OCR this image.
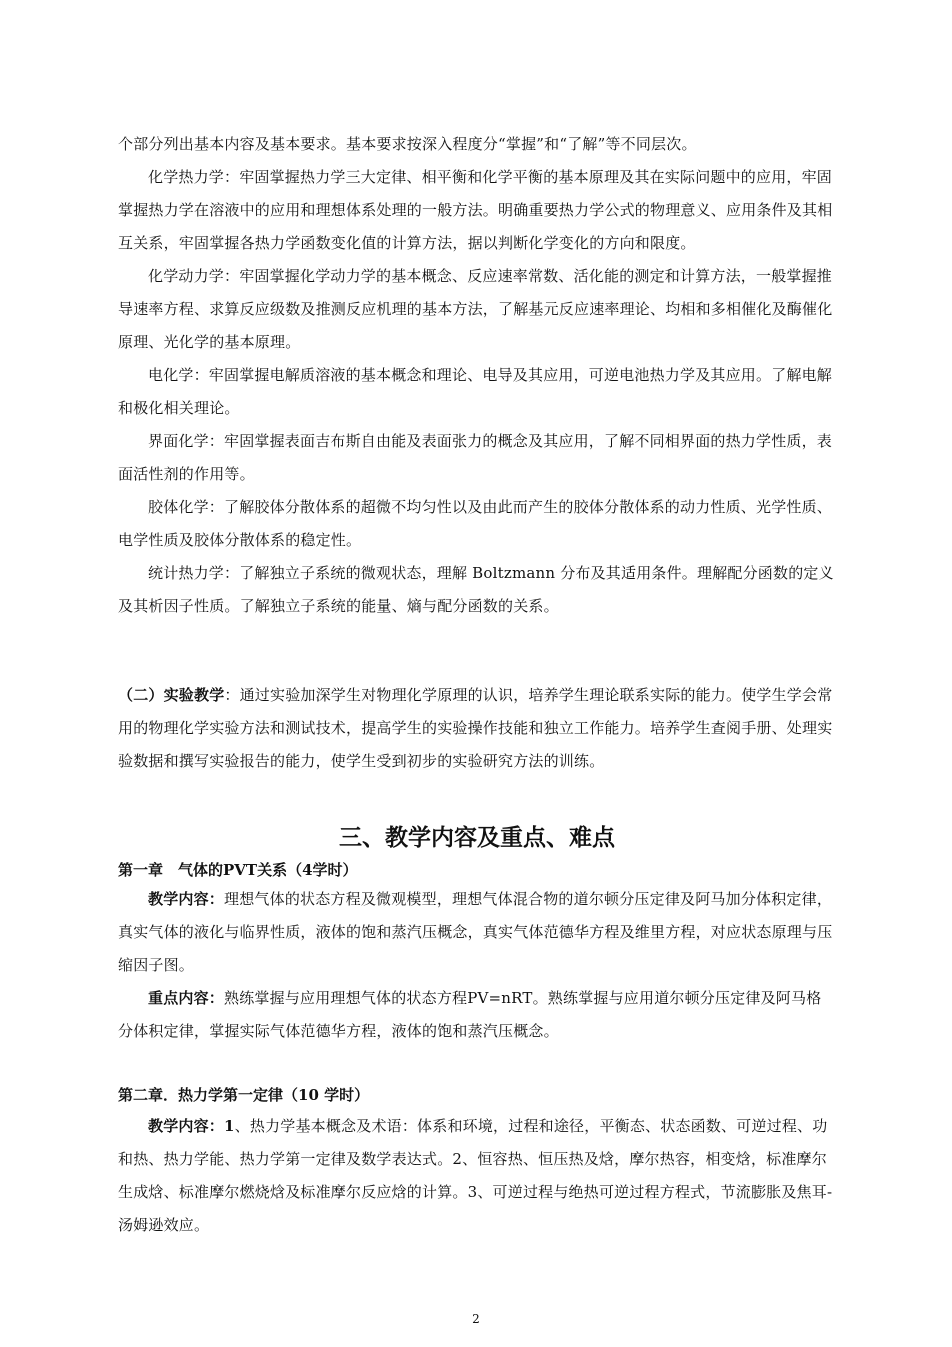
个部分列出基本内容及基本要求。基本要求按深入程度分“掌握”和“了解”等不同层次。

化学热力学：牢固掌握热力学三大定律、相平衡和化学平衡的基本原理及其在实际问题中的应用，牢固掌握热力学在溶液中的应用和理想体系处理的一般方法。明确重要热力学公式的物理意义、应用条件及其相互关系，牢固掌握各热力学函数变化值的计算方法，据以判断化学变化的方向和限度。

化学动力学：牢固掌握化学动力学的基本概念、反应速率常数、活化能的测定和计算方法，一般掌握推导速率方程、求算反应级数及推测反应机理的基本方法，了解基元反应速率理论、均相和多相催化及酶催化原理、光化学的基本原理。

电化学：牢固掌握电解质溶液的基本概念和理论、电导及其应用，可逆电池热力学及其应用。了解电解和极化相关理论。

界面化学：牢固掌握表面吉布斯自由能及表面张力的概念及其应用，了解不同相界面的热力学性质，表面活性剂的作用等。

胶体化学：了解胶体分散体系的超微不均匀性以及由此而产生的胶体分散体系的动力性质、光学性质、电学性质及胶体分散体系的稳定性。

统计热力学：了解独立子系统的微观状态，理解 Boltzmann 分布及其适用条件。理解配分函数的定义及其析因子性质。了解独立子系统的能量、熵与配分函数的关系。

（二）实验教学：通过实验加深学生对物理化学原理的认识，培养学生理论联系实际的能力。使学生学会常用的物理化学实验方法和测试技术，提高学生的实验操作技能和独立工作能力。培养学生查阅手册、处理实验数据和撰写实验报告的能力，使学生受到初步的实验研究方法的训练。

三、教学内容及重点、难点
第一章　气体的PVT关系（4学时）

教学内容：理想气体的状态方程及微观模型，理想气体混合物的道尔顿分压定律及阿马加分体积定律，真实气体的液化与临界性质，液体的饱和蒸汽压概念，真实气体范德华方程及维里方程，对应状态原理与压缩因子图。

重点内容：熟练掌握与应用理想气体的状态方程PV=nRT。熟练掌握与应用道尔顿分压定律及阿马格分体积定律，掌握实际气体范德华方程，液体的饱和蒸汽压概念。

第二章．热力学第一定律（10 学时）

教学内容：1、热力学基本概念及术语：体系和环境，过程和途径，平衡态、状态函数、可逆过程、功和热、热力学能、热力学第一定律及数学表达式。2、恒容热、恒压热及焓，摩尔热容，相变焓，标准摩尔生成焓、标准摩尔燃烧焓及标准摩尔反应焓的计算。3、可逆过程与绝热可逆过程方程式，节流膨胀及焦耳-汤姆逊效应。

2
